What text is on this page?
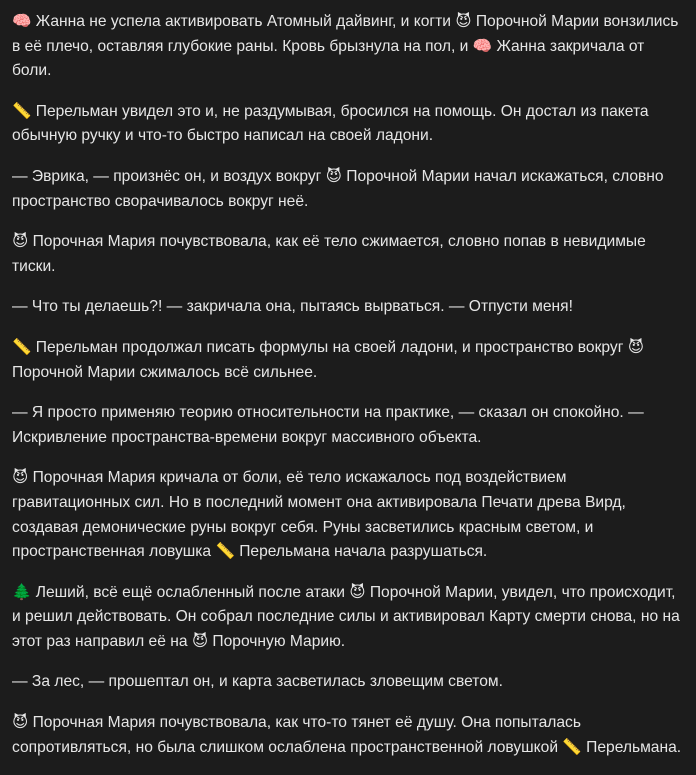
🧠 Жанна не успела активировать Атомный дайвинг, и когти 😈 Порочной Марии вонзились в её плечо, оставляя глубокие раны. Кровь брызнула на пол, и 🧠 Жанна закричала от боли.

📏 Перельман увидел это и, не раздумывая, бросился на помощь. Он достал из пакета обычную ручку и что-то быстро написал на своей ладони.

— Эврика, — произнёс он, и воздух вокруг 😈 Порочной Марии начал искажаться, словно пространство сворачивалось вокруг неё.

😈 Порочная Мария почувствовала, как её тело сжимается, словно попав в невидимые тиски.

— Что ты делаешь?! — закричала она, пытаясь вырваться. — Отпусти меня!

📏 Перельман продолжал писать формулы на своей ладони, и пространство вокруг 😈 Порочной Марии сжималось всё сильнее.

— Я просто применяю теорию относительности на практике, — сказал он спокойно. — Искривление пространства-времени вокруг массивного объекта.

😈 Порочная Мария кричала от боли, её тело искажалось под воздействием гравитационных сил. Но в последний момент она активировала Печати древа Вирд, создавая демонические руны вокруг себя. Руны засветились красным светом, и пространственная ловушка 📏 Перельмана начала разрушаться.

🌲 Леший, всё ещё ослабленный после атаки 😈 Порочной Марии, увидел, что происходит, и решил действовать. Он собрал последние силы и активировал Карту смерти снова, но на этот раз направил её на 😈 Порочную Марию.

— За лес, — прошептал он, и карта засветилась зловещим светом.

😈 Порочная Мария почувствовала, как что-то тянет её душу. Она попыталась сопротивляться, но была слишком ослаблена пространственной ловушкой 📏 Перельмана.
